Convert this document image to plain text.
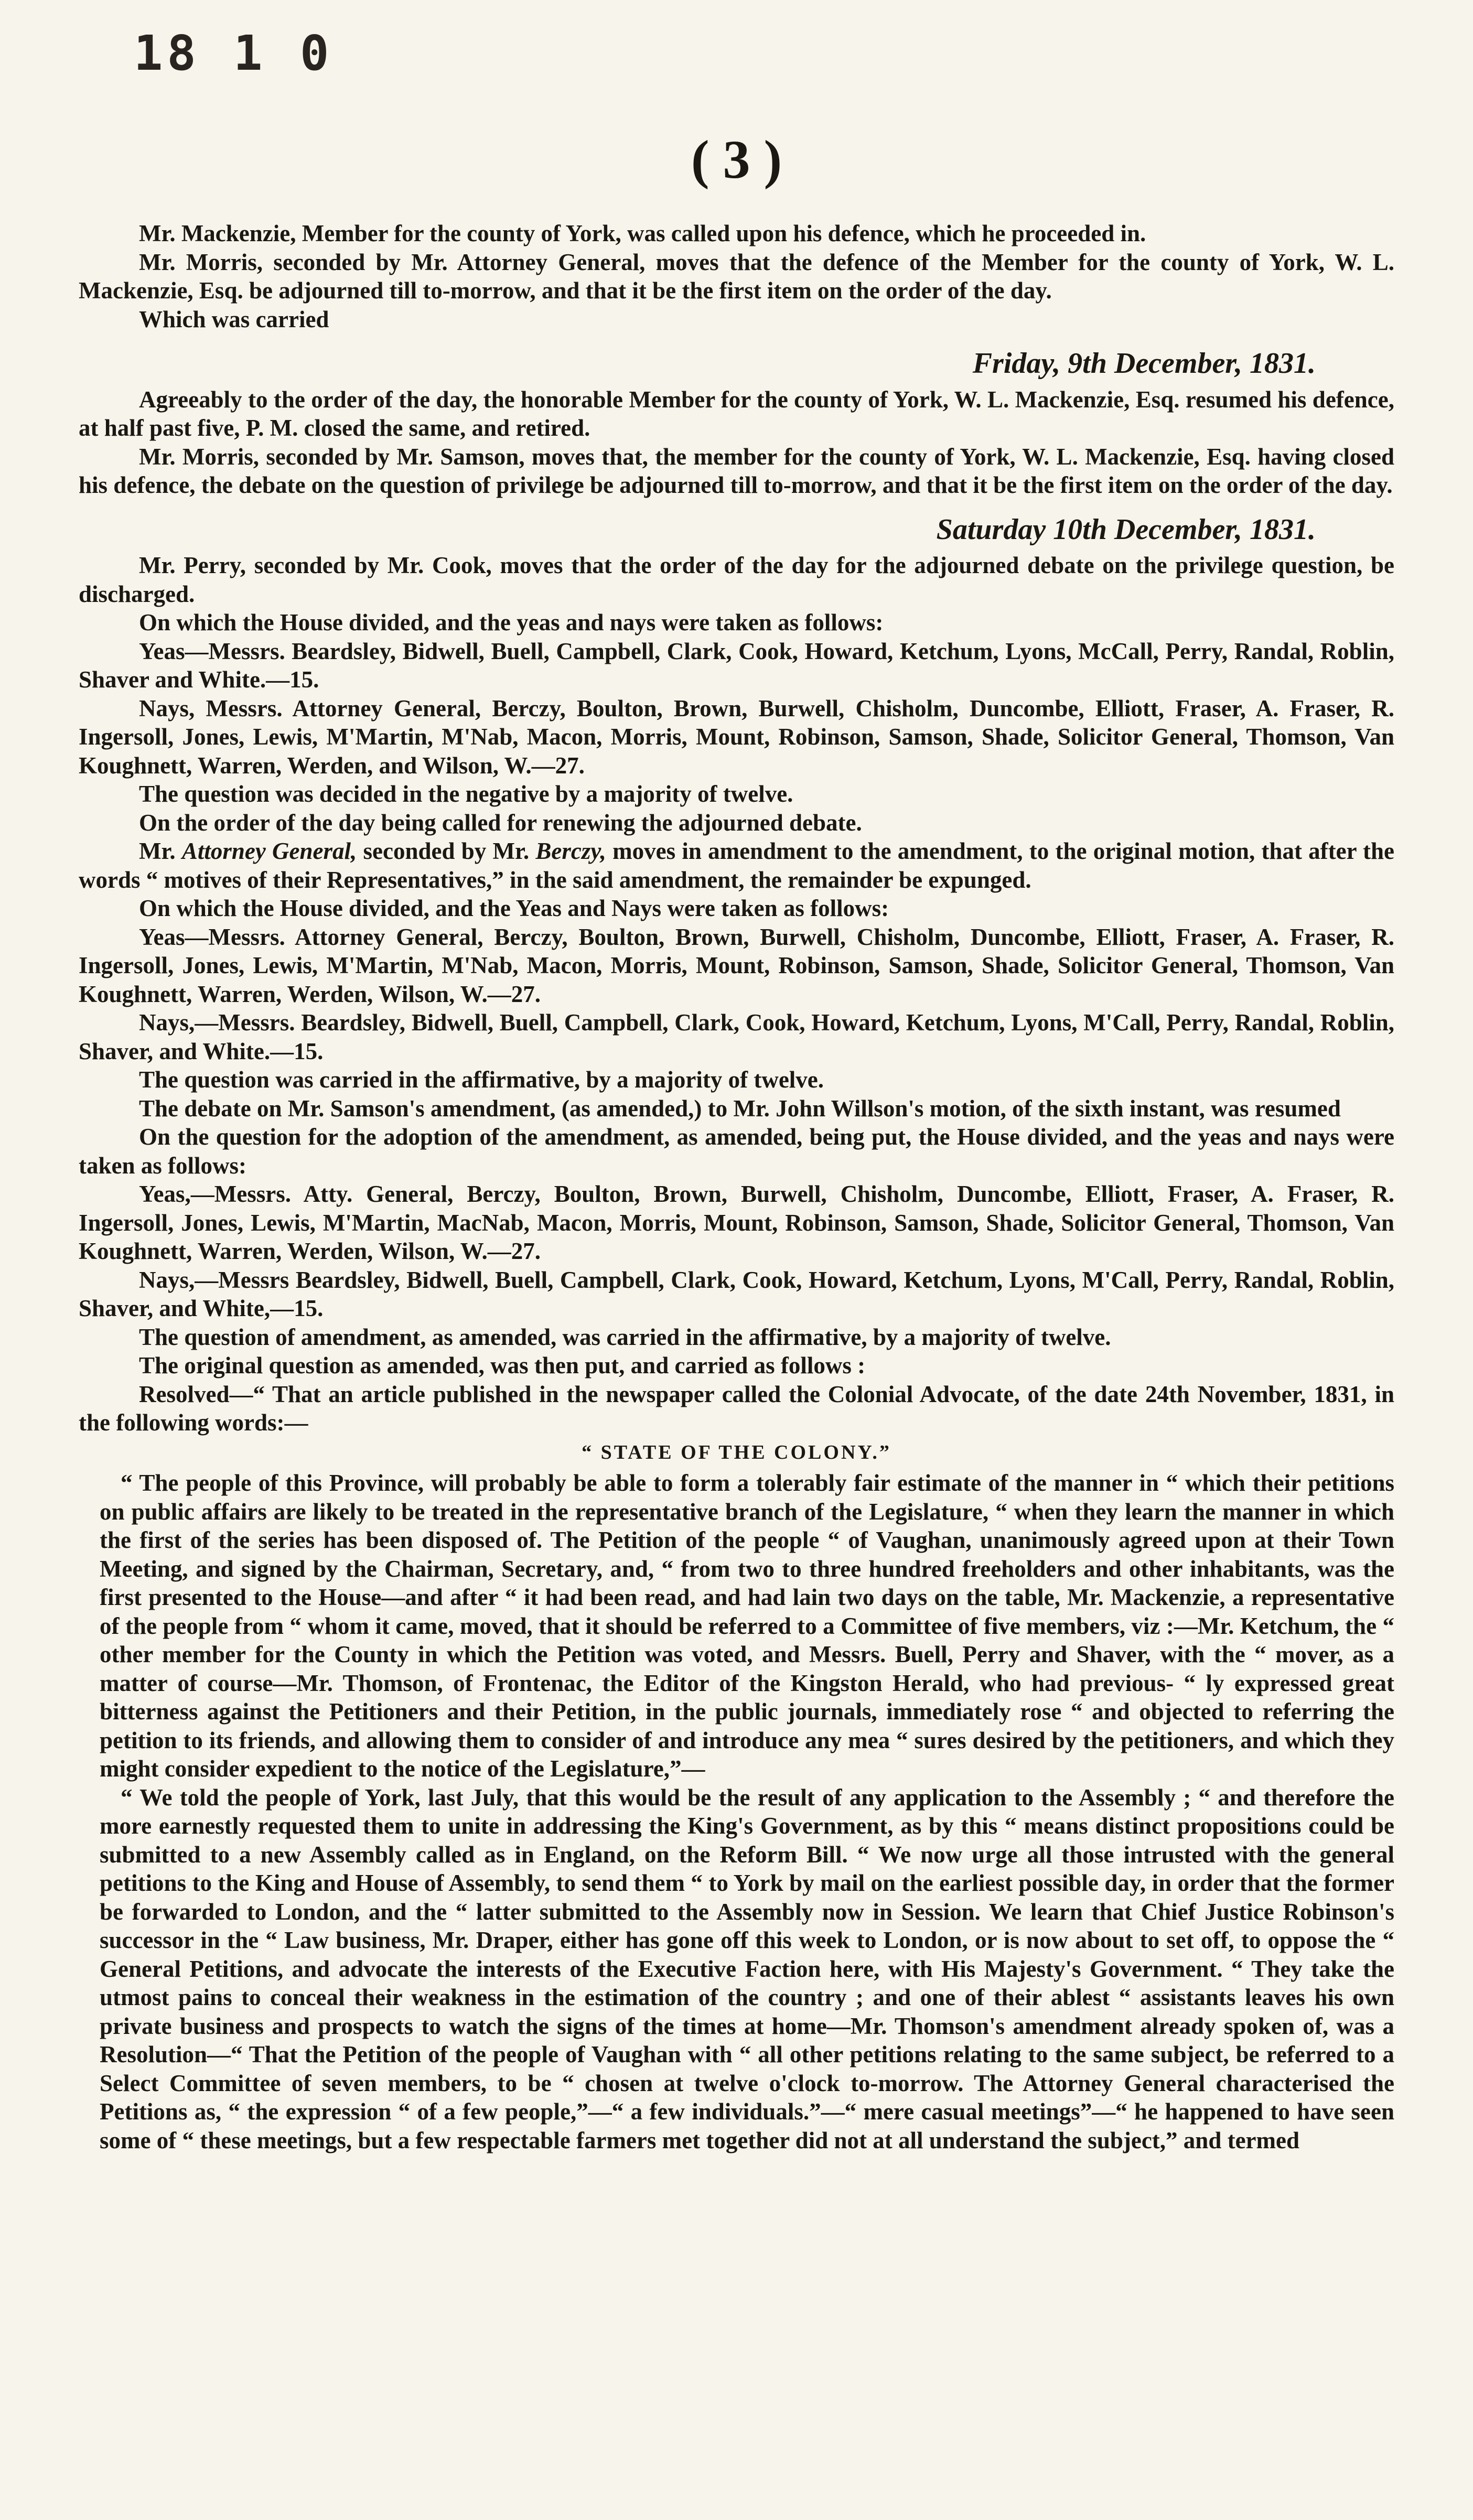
18 1 0
( 3 )

Mr. Mackenzie, Member for the county of York, was called upon his defence, which he proceeded in.

Mr. Morris, seconded by Mr. Attorney General, moves that the defence of the Member for the county of York, W. L. Mackenzie, Esq. be adjourned till to-morrow, and that it be the first item on the order of the day.

Which was carried

Friday, 9th December, 1831.

Agreeably to the order of the day, the honorable Member for the county of York, W. L. Mackenzie, Esq. resumed his defence, at half past five, P. M. closed the same, and retired.

Mr. Morris, seconded by Mr. Samson, moves that, the member for the county of York, W. L. Mackenzie, Esq. having closed his defence, the debate on the question of privilege be adjourned till to-morrow, and that it be the first item on the order of the day.

Saturday 10th December, 1831.

Mr. Perry, seconded by Mr. Cook, moves that the order of the day for the adjourned debate on the privilege question, be discharged.

On which the House divided, and the yeas and nays were taken as follows:

Yeas—Messrs. Beardsley, Bidwell, Buell, Campbell, Clark, Cook, Howard, Ketchum, Lyons, McCall, Perry, Randal, Roblin, Shaver and White.—15.

Nays, Messrs. Attorney General, Berczy, Boulton, Brown, Burwell, Chisholm, Duncombe, Elliott, Fraser, A. Fraser, R. Ingersoll, Jones, Lewis, M'Martin, M'Nab, Macon, Morris, Mount, Robinson, Samson, Shade, Solicitor General, Thomson, Van Koughnett, Warren, Werden, and Wilson, W.—27.

The question was decided in the negative by a majority of twelve.

On the order of the day being called for renewing the adjourned debate.

Mr. Attorney General, seconded by Mr. Berczy, moves in amendment to the amendment, to the original motion, that after the words “ motives of their Representatives,” in the said amendment, the remainder be expunged.

On which the House divided, and the Yeas and Nays were taken as follows:

Yeas—Messrs. Attorney General, Berczy, Boulton, Brown, Burwell, Chisholm, Duncombe, Elliott, Fraser, A. Fraser, R. Ingersoll, Jones, Lewis, M'Martin, M'Nab, Macon, Morris, Mount, Robinson, Samson, Shade, Solicitor General, Thomson, Van Koughnett, Warren, Werden, Wilson, W.—27.

Nays,—Messrs. Beardsley, Bidwell, Buell, Campbell, Clark, Cook, Howard, Ketchum, Lyons, M'Call, Perry, Randal, Roblin, Shaver, and White.—15.

The question was carried in the affirmative, by a majority of twelve.

The debate on Mr. Samson's amendment, (as amended,) to Mr. John Willson's motion, of the sixth instant, was resumed

On the question for the adoption of the amendment, as amended, being put, the House divided, and the yeas and nays were taken as follows:

Yeas,—Messrs. Atty. General, Berczy, Boulton, Brown, Burwell, Chisholm, Duncombe, Elliott, Fraser, A. Fraser, R. Ingersoll, Jones, Lewis, M'Martin, MacNab, Macon, Morris, Mount, Robinson, Samson, Shade, Solicitor General, Thomson, Van Koughnett, Warren, Werden, Wilson, W.—27.

Nays,—Messrs Beardsley, Bidwell, Buell, Campbell, Clark, Cook, Howard, Ketchum, Lyons, M'Call, Perry, Randal, Roblin, Shaver, and White,—15.

The question of amendment, as amended, was carried in the affirmative, by a majority of twelve.

The original question as amended, was then put, and carried as follows :

Resolved—“ That an article published in the newspaper called the Colonial Advocate, of the date 24th November, 1831, in the following words:—

“ STATE OF THE COLONY.”

“ The people of this Province, will probably be able to form a tolerably fair estimate of the manner in “ which their petitions on public affairs are likely to be treated in the representative branch of the Legislature, “ when they learn the manner in which the first of the series has been disposed of. The Petition of the people “ of Vaughan, unanimously agreed upon at their Town Meeting, and signed by the Chairman, Secretary, and, “ from two to three hundred freeholders and other inhabitants, was the first presented to the House—and after “ it had been read, and had lain two days on the table, Mr. Mackenzie, a representative of the people from “ whom it came, moved, that it should be referred to a Committee of five members, viz :—Mr. Ketchum, the “ other member for the County in which the Petition was voted, and Messrs. Buell, Perry and Shaver, with the “ mover, as a matter of course—Mr. Thomson, of Frontenac, the Editor of the Kingston Herald, who had previous- “ ly expressed great bitterness against the Petitioners and their Petition, in the public journals, immediately rose “ and objected to referring the petition to its friends, and allowing them to consider of and introduce any mea “ sures desired by the petitioners, and which they might consider expedient to the notice of the Legislature,”—

“ We told the people of York, last July, that this would be the result of any application to the Assembly ; “ and therefore the more earnestly requested them to unite in addressing the King's Government, as by this “ means distinct propositions could be submitted to a new Assembly called as in England, on the Reform Bill. “ We now urge all those intrusted with the general petitions to the King and House of Assembly, to send them “ to York by mail on the earliest possible day, in order that the former be forwarded to London, and the “ latter submitted to the Assembly now in Session. We learn that Chief Justice Robinson's successor in the “ Law business, Mr. Draper, either has gone off this week to London, or is now about to set off, to oppose the “ General Petitions, and advocate the interests of the Executive Faction here, with His Majesty's Government. “ They take the utmost pains to conceal their weakness in the estimation of the country ; and one of their ablest “ assistants leaves his own private business and prospects to watch the signs of the times at home—Mr. Thomson's amendment already spoken of, was a Resolution—“ That the Petition of the people of Vaughan with “ all other petitions relating to the same subject, be referred to a Select Committee of seven members, to be “ chosen at twelve o'clock to-morrow. The Attorney General characterised the Petitions as, “ the expression “ of a few people,”—“ a few individuals.”—“ mere casual meetings”—“ he happened to have seen some of “ these meetings, but a few respectable farmers met together did not at all understand the subject,” and termed
